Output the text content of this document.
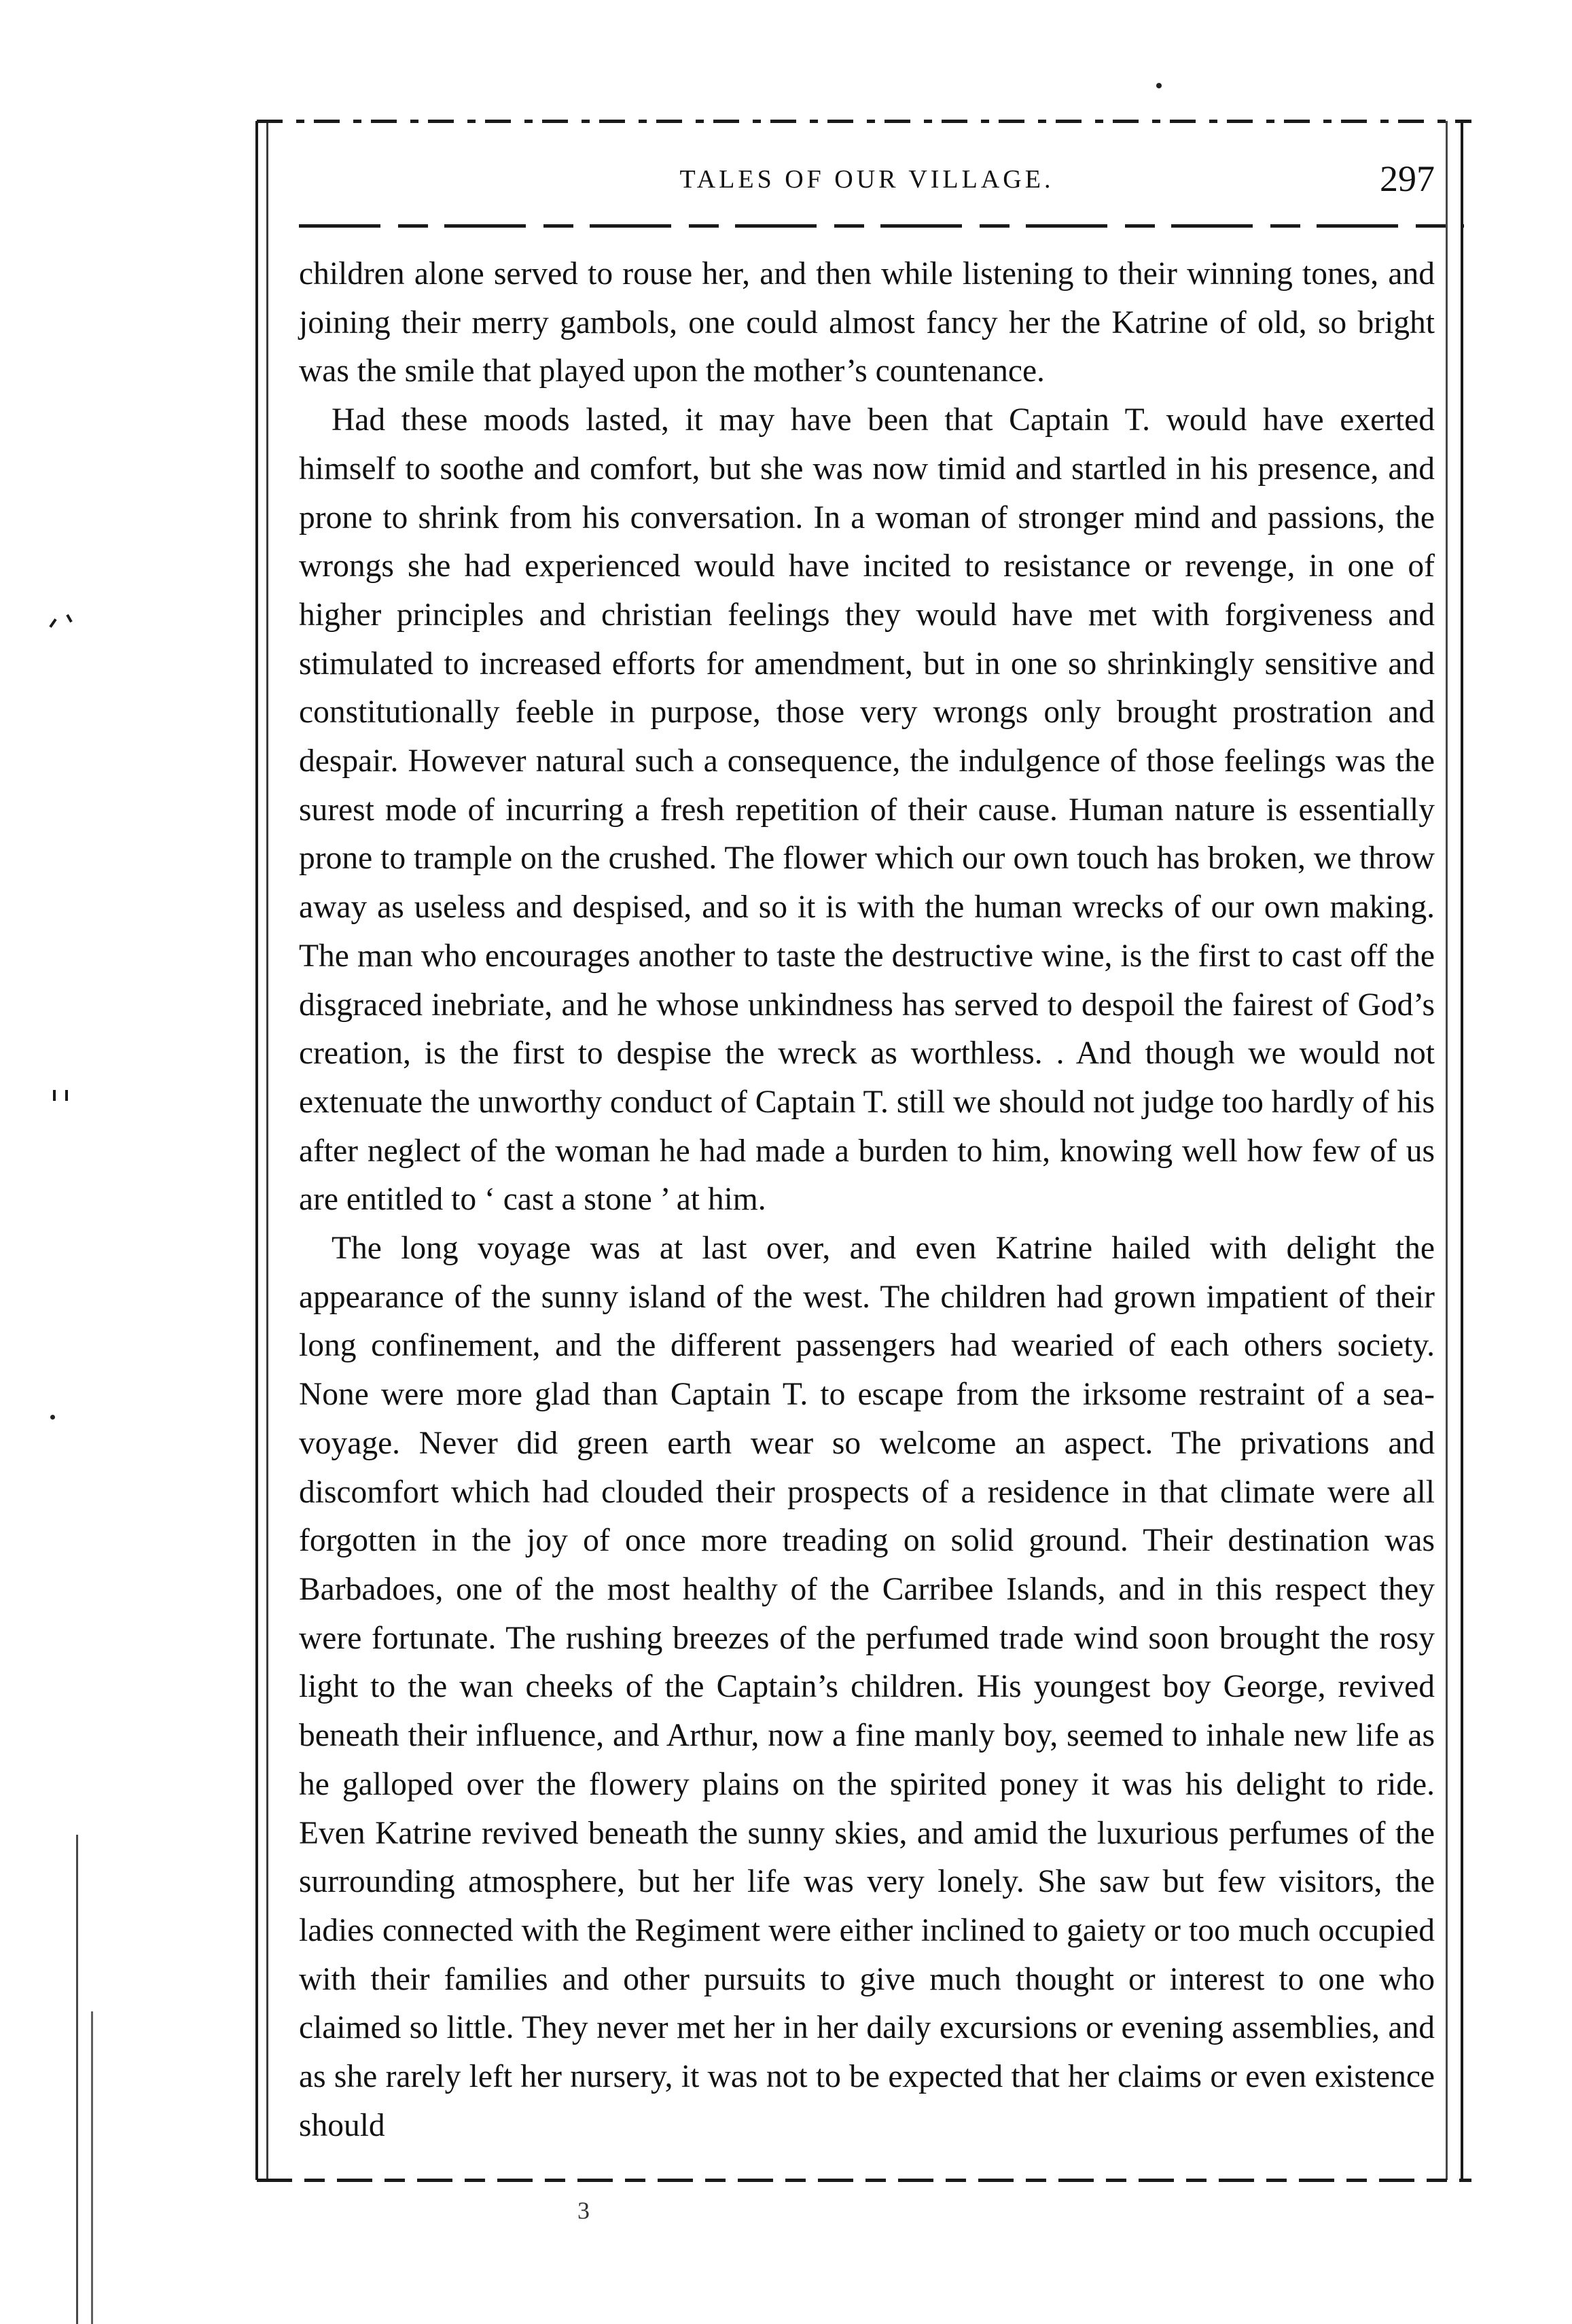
TALES OF OUR VILLAGE.	297

children alone served to rouse her, and then while listening to their winning tones, and joining their merry gambols, one could almost fancy her the Katrine of old, so bright was the smile that played upon the mother’s countenance.

Had these moods lasted, it may have been that Captain T. would have exerted himself to soothe and comfort, but she was now timid and startled in his presence, and prone to shrink from his conversation. In a woman of stronger mind and passions, the wrongs she had experienced would have incited to resistance or revenge, in one of higher principles and christian feelings they would have met with forgiveness and stimulated to increased efforts for amendment, but in one so shrinkingly sensitive and constitutionally feeble in purpose, those very wrongs only brought prostration and despair. However natural such a consequence, the indulgence of those feelings was the surest mode of incurring a fresh repetition of their cause. Human nature is essentially prone to trample on the crushed. The flower which our own touch has broken, we throw away as useless and despised, and so it is with the human wrecks of our own making. The man who encourages another to taste the destructive wine, is the first to cast off the disgraced inebriate, and he whose unkindness has served to despoil the fairest of God’s creation, is the first to despise the wreck as worthless. . And though we would not extenuate the unworthy conduct of Captain T. still we should not judge too hardly of his after neglect of the woman he had made a burden to him, knowing well how few of us are entitled to ‘ cast a stone ’ at him.

The long voyage was at last over, and even Katrine hailed with delight the appearance of the sunny island of the west. The children had grown impatient of their long confinement, and the different passengers had wearied of each others society. None were more glad than Captain T. to escape from the irksome restraint of a sea-voyage. Never did green earth wear so welcome an aspect. The privations and discomfort which had clouded their prospects of a residence in that climate were all forgotten in the joy of once more treading on solid ground. Their destination was Barbadoes, one of the most healthy of the Carribee Islands, and in this respect they were fortunate. The rushing breezes of the perfumed trade wind soon brought the rosy light to the wan cheeks of the Captain’s children. His youngest boy George, revived beneath their influence, and Arthur, now a fine manly boy, seemed to inhale new life as he galloped over the flowery plains on the spirited poney it was his delight to ride. Even Katrine revived beneath the sunny skies, and amid the luxurious perfumes of the surrounding atmosphere, but her life was very lonely. She saw but few visitors, the ladies connected with the Regiment were either inclined to gaiety or too much occupied with their families and other pursuits to give much thought or interest to one who claimed so little. They never met her in her daily excursions or evening assemblies, and as she rarely left her nursery, it was not to be expected that her claims or even existence should

3
